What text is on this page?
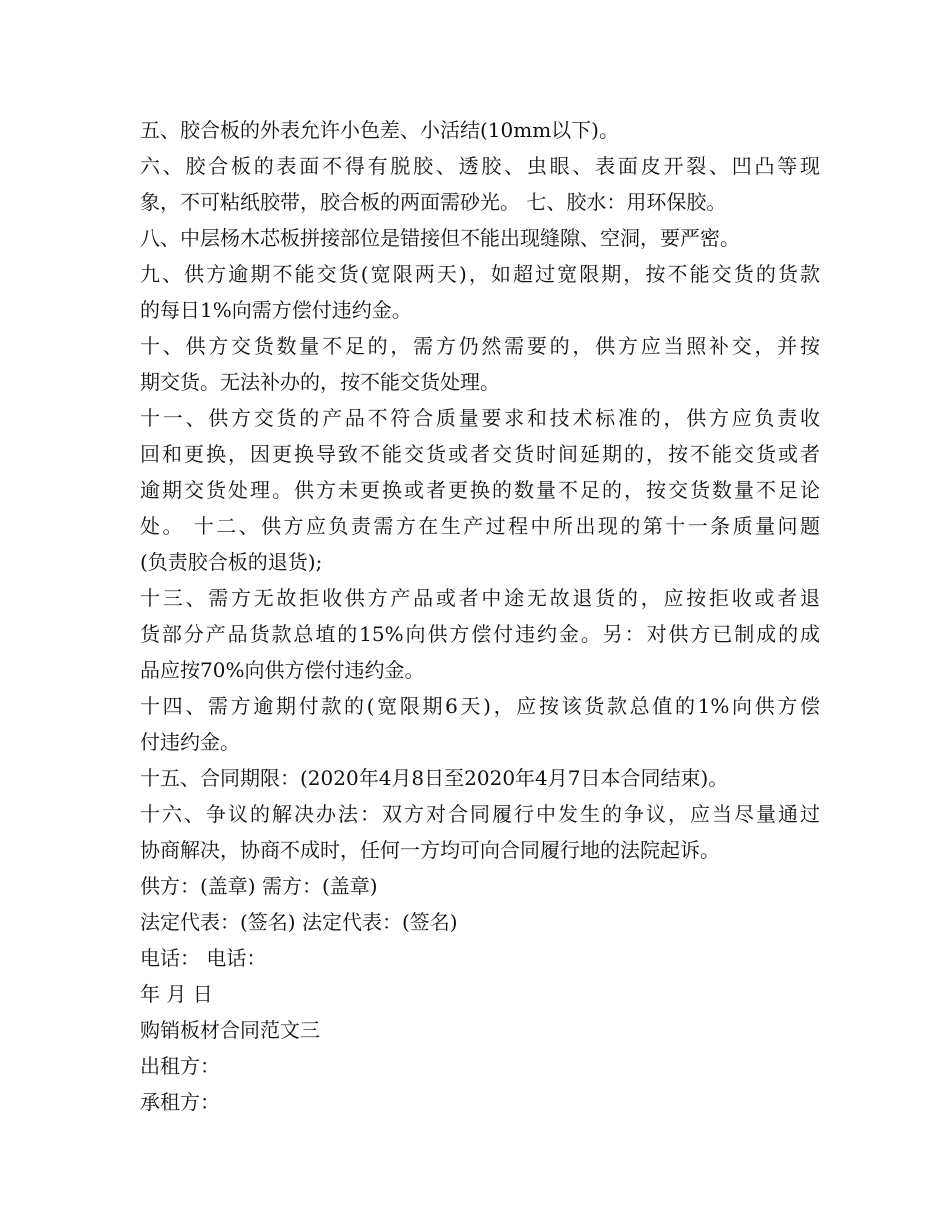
五、胶合板的外表允许小色差、小活结(10mm以下)。
六、胶合板的表面不得有脱胶、透胶、虫眼、表面皮开裂、凹凸等现
象，不可粘纸胶带，胶合板的两面需砂光。 七、胶水：用环保胶。
八、中层杨木芯板拼接部位是错接但不能出现缝隙、空洞，要严密。
九、供方逾期不能交货(宽限两天)，如超过宽限期，按不能交货的货款
的每日1%向需方偿付违约金。
十、供方交货数量不足的，需方仍然需要的，供方应当照补交，并按
期交货。无法补办的，按不能交货处理。
十一、供方交货的产品不符合质量要求和技术标准的，供方应负责收
回和更换，因更换导致不能交货或者交货时间延期的，按不能交货或者
逾期交货处理。供方未更换或者更换的数量不足的，按交货数量不足论
处。 十二、供方应负责需方在生产过程中所出现的第十一条质量问题
(负责胶合板的退货);
十三、需方无故拒收供方产品或者中途无故退货的，应按拒收或者退
货部分产品货款总埴的15%向供方偿付违约金。另：对供方已制成的成
品应按70%向供方偿付违约金。
十四、需方逾期付款的(宽限期6天)，应按该货款总值的1%向供方偿
付违约金。
十五、合同期限：(2020年4月8日至2020年4月7日本合同结束)。
十六、争议的解决办法：双方对合同履行中发生的争议，应当尽量通过
协商解决，协商不成时，任何一方均可向合同履行地的法院起诉。
供方：(盖章) 需方：(盖章)
法定代表：(签名) 法定代表：(签名)
电话： 电话：
年 月 日
购销板材合同范文三
出租方：
承租方：
